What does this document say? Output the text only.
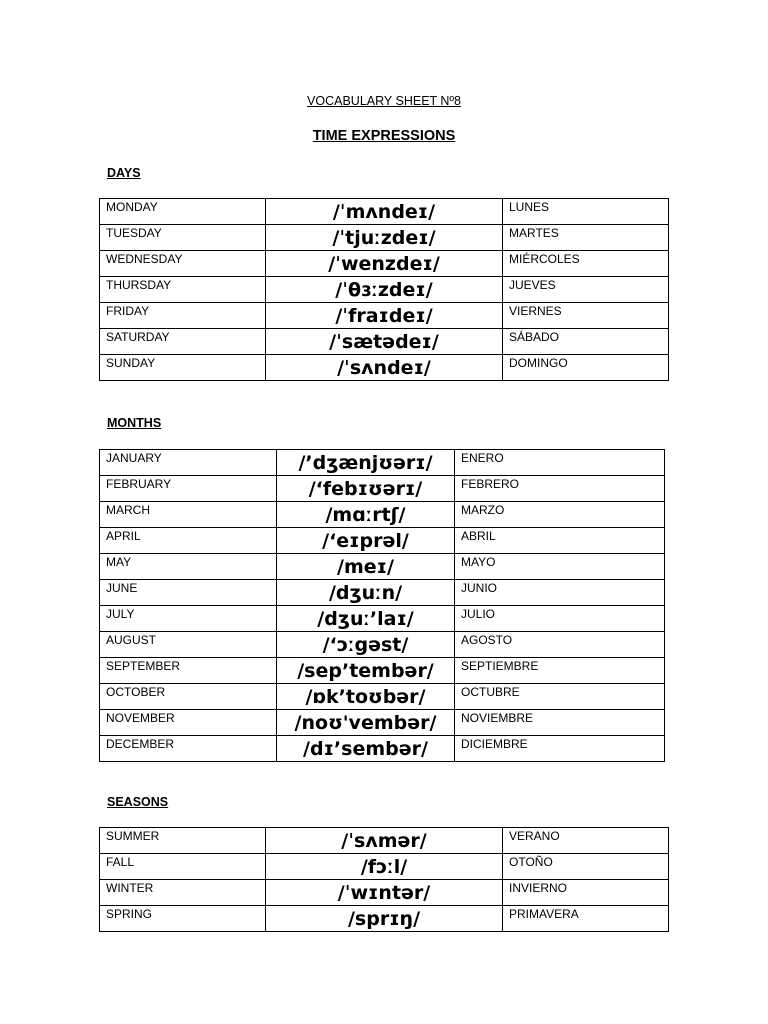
VOCABULARY SHEET Nº8
TIME EXPRESSIONS
DAYS
MONDAY	/ˈmʌndeɪ/	LUNES
TUESDAY	/ˈtjuːzdeɪ/	MARTES
WEDNESDAY	/ˈwenzdeɪ/	MIÉRCOLES
THURSDAY	/ˈθɜːzdeɪ/	JUEVES
FRIDAY	/ˈfraɪdeɪ/	VIERNES
SATURDAY	/ˈsætədeɪ/	SÁBADO
SUNDAY	/ˈsʌndeɪ/	DOMINGO
MONTHS
JANUARY	/’dʒænjʊərɪ/	ENERO
FEBRUARY	/‘febɪʊərɪ/	FEBRERO
MARCH	/mɑːrtʃ/	MARZO
APRIL	/‘eɪprəl/	ABRIL
MAY	/meɪ/	MAYO
JUNE	/dʒuːn/	JUNIO
JULY	/dʒuː’laɪ/	JULIO
AUGUST	/‘ɔːgəst/	AGOSTO
SEPTEMBER	/sep’tembər/	SEPTIEMBRE
OCTOBER	/ɒk’toʊbər/	OCTUBRE
NOVEMBER	/noʊ'vembər/	NOVIEMBRE
DECEMBER	/dɪ’sembər/	DICIEMBRE
SEASONS
SUMMER	/ˈsʌmər/	VERANO
FALL	/fɔːl/	OTOÑO
WINTER	/ˈwɪntər/	INVIERNO
SPRING	/sprɪŋ/	PRIMAVERA
